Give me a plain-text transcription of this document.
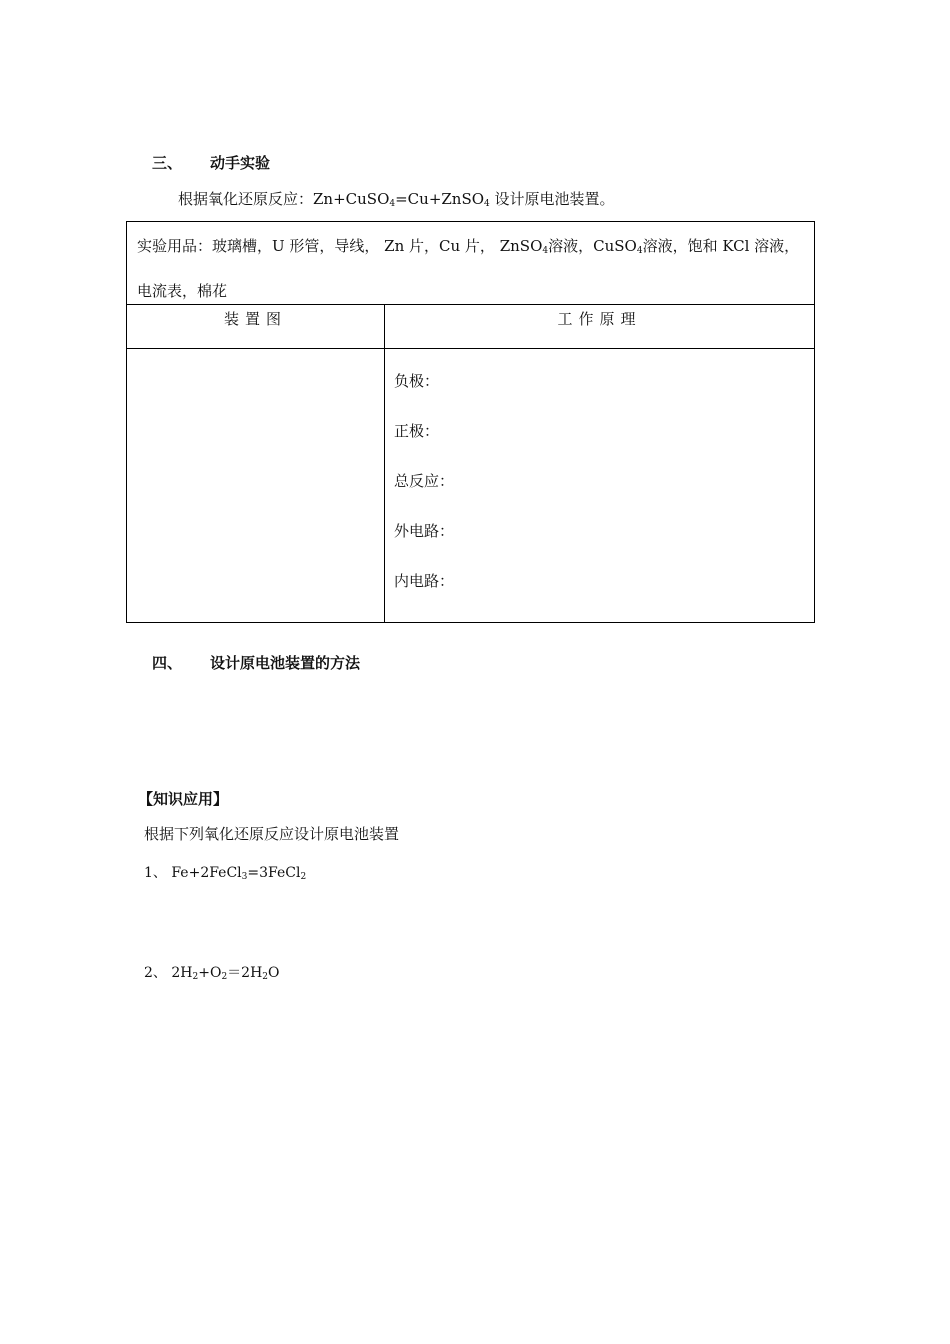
三、 动手实验
根据氧化还原反应：Zn+CuSO$_4$=Cu+ZnSO$_4$ 设计原电池装置。
实验用品：玻璃槽，U 形管，导线， Zn 片，Cu 片， ZnSO$_4$溶液，CuSO$_4$溶液，饱和 KCl 溶液，电流表，棉花
装置图	工作原理
负极：
正极：
总反应：
外电路：
内电路：
四、 设计原电池装置的方法
【知识应用】
根据下列氧化还原反应设计原电池装置
1、 Fe+2FeCl$_3$=3FeCl$_2$
2、 $2H_2+O_2=2H_2O$
